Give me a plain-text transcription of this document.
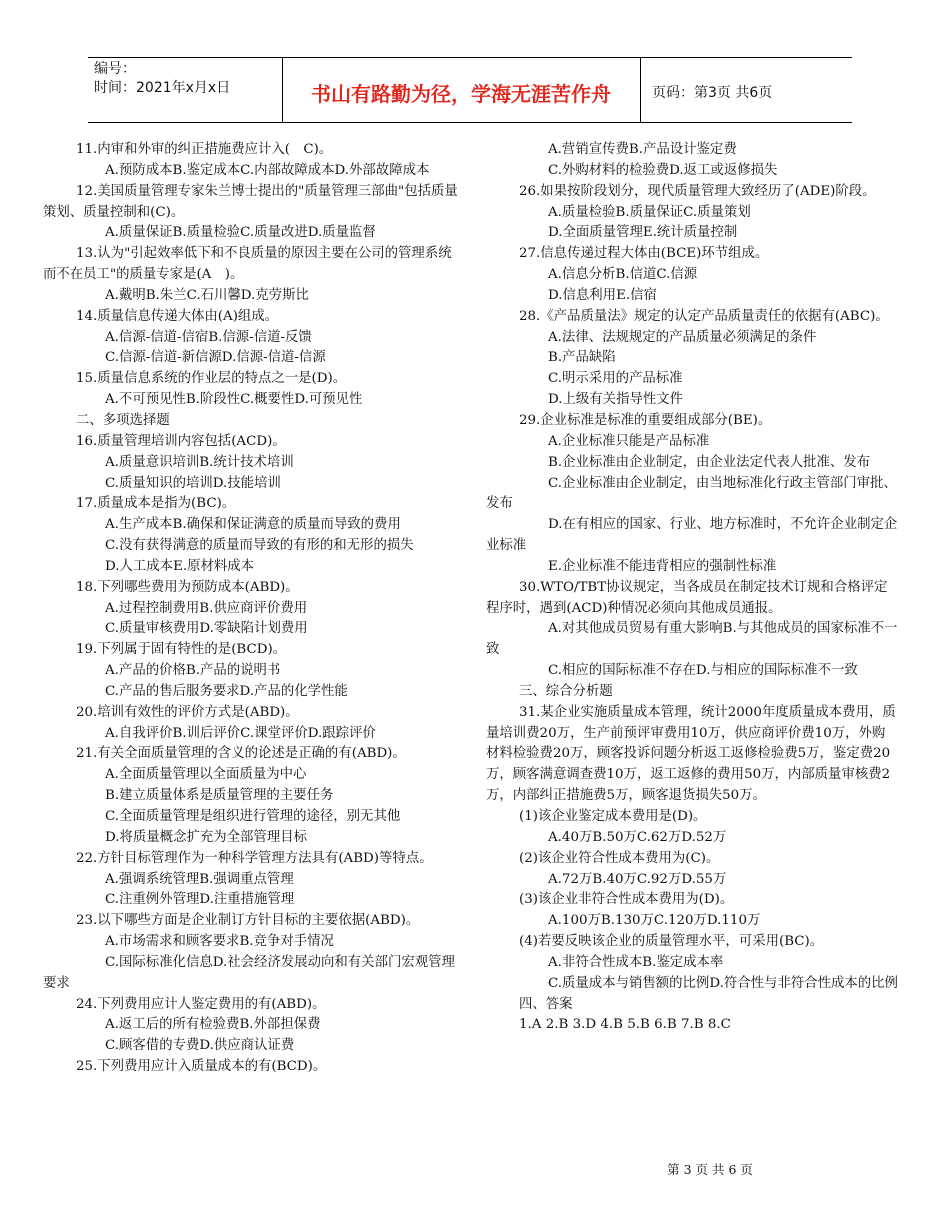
编号：
时间：2021年x月x日	书山有路勤为径，学海无涯苦作舟	页码：第3页 共6页

11.内审和外审的纠正措施费应计入(　C)。

A.预防成本B.鉴定成本C.内部故障成本D.外部故障成本

12.美国质量管理专家朱兰博士提出的"质量管理三部曲"包括质量策划、质量控制和(C)。

A.质量保证B.质量检验C.质量改进D.质量监督

13.认为"引起效率低下和不良质量的原因主要在公司的管理系统而不在员工"的质量专家是(A　)。

A.戴明B.朱兰C.石川馨D.克劳斯比

14.质量信息传递大体由(A)组成。

A.信源-信道-信宿B.信源-信道-反馈

C.信源-信道-新信源D.信源-信道-信源

15.质量信息系统的作业层的特点之一是(D)。

A.不可预见性B.阶段性C.概要性D.可预见性

二、多项选择题

16.质量管理培训内容包括(ACD)。

A.质量意识培训B.统计技术培训

C.质量知识的培训D.技能培训

17.质量成本是指为(BC)。

A.生产成本B.确保和保证满意的质量而导致的费用

C.没有获得满意的质量而导致的有形的和无形的损失

D.人工成本E.原材料成本

18.下列哪些费用为预防成本(ABD)。

A.过程控制费用B.供应商评价费用

C.质量审核费用D.零缺陷计划费用

19.下列属于固有特性的是(BCD)。

A.产品的价格B.产品的说明书

C.产品的售后服务要求D.产品的化学性能

20.培训有效性的评价方式是(ABD)。

A.自我评价B.训后评价C.课堂评价D.跟踪评价

21.有关全面质量管理的含义的论述是正确的有(ABD)。

A.全面质量管理以全面质量为中心

B.建立质量体系是质量管理的主要任务

C.全面质量管理是组织进行管理的途径，别无其他

D.将质量概念扩充为全部管理目标

22.方针目标管理作为一种科学管理方法具有(ABD)等特点。

A.强调系统管理B.强调重点管理

C.注重例外管理D.注重措施管理

23.以下哪些方面是企业制订方针目标的主要依据(ABD)。

A.市场需求和顾客要求B.竞争对手情况

C.国际标准化信息D.社会经济发展动向和有关部门宏观管理要求

24.下列费用应计人鉴定费用的有(ABD)。

A.返工后的所有检验费B.外部担保费

C.顾客借的专费D.供应商认证费

25.下列费用应计入质量成本的有(BCD)。

A.营销宣传费B.产品设计鉴定费

C.外购材料的检验费D.返工或返修损失

26.如果按阶段划分，现代质量管理大致经历了(ADE)阶段。

A.质量检验B.质量保证C.质量策划

D.全面质量管理E.统计质量控制

27.信息传递过程大体由(BCE)环节组成。

A.信息分析B.信道C.信源

D.信息利用E.信宿

28.《产品质量法》规定的认定产品质量责任的依据有(ABC)。

A.法律、法规规定的产品质量必须满足的条件

B.产品缺陷

C.明示采用的产品标准

D.上级有关指导性文件

29.企业标准是标准的重要组成部分(BE)。

A.企业标准只能是产品标准

B.企业标准由企业制定，由企业法定代表人批准、发布

C.企业标准由企业制定，由当地标准化行政主管部门审批、发布

D.在有相应的国家、行业、地方标准时，不允许企业制定企业标准

E.企业标准不能违背相应的强制性标准

30.WTO/TBT协议规定，当各成员在制定技术订规和合格评定程序时，遇到(ACD)种情况必须向其他成员通报。

A.对其他成员贸易有重大影响B.与其他成员的国家标准不一致

C.相应的国际标准不存在D.与相应的国际标准不一致

三、综合分析题

31.某企业实施质量成本管理，统计2000年度质量成本费用，质量培训费20万，生产前预评审费用10万，供应商评价费10万，外购材料检验费20万，顾客投诉问题分析返工返修检验费5万，鉴定费20万，顾客满意调查费10万，返工返修的费用50万，内部质量审核费2万，内部纠正措施费5万，顾客退货损失50万。

(1)该企业鉴定成本费用是(D)。

A.40万B.50万C.62万D.52万

(2)该企业符合性成本费用为(C)。

A.72万B.40万C.92万D.55万

(3)该企业非符合性成本费用为(D)。

A.100万B.130万C.120万D.110万

(4)若要反映该企业的质量管理水平，可采用(BC)。

A.非符合性成本B.鉴定成本率

C.质量成本与销售额的比例D.符合性与非符合性成本的比例

四、答案

1.A 2.B 3.D 4.B 5.B 6.B 7.B 8.C

第 3 页 共 6 页
